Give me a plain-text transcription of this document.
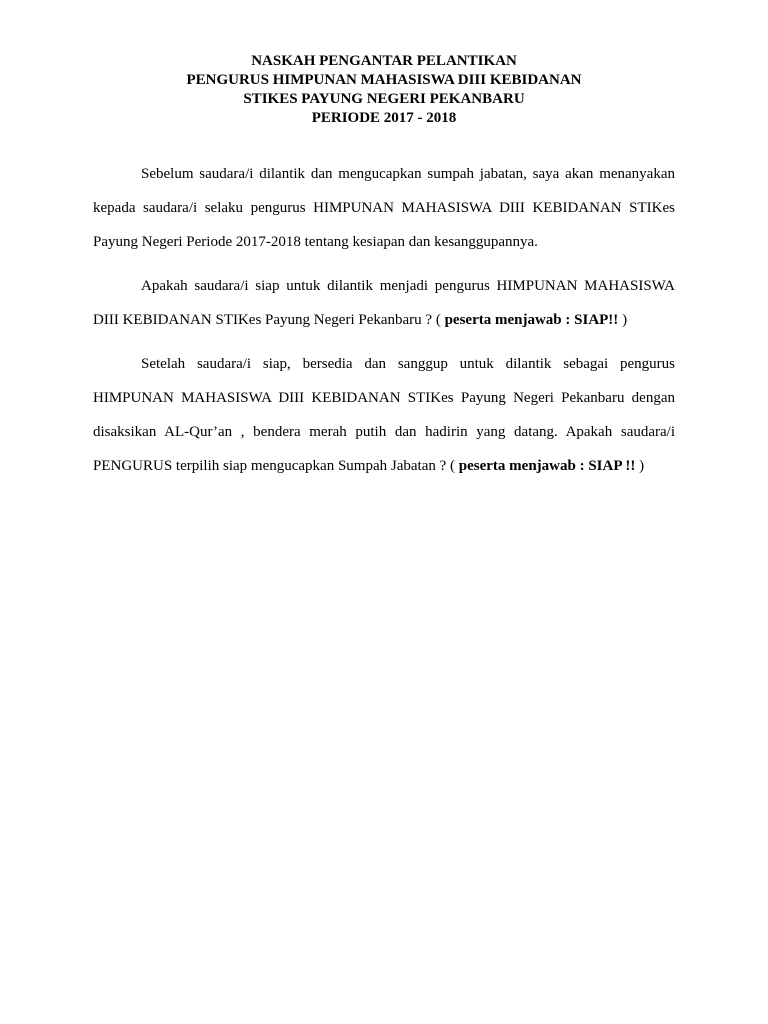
NASKAH PENGANTAR PELANTIKAN
PENGURUS HIMPUNAN MAHASISWA DIII KEBIDANAN
STIKES PAYUNG NEGERI PEKANBARU
PERIODE 2017 - 2018

Sebelum saudara/i dilantik dan mengucapkan sumpah jabatan, saya akan menanyakan kepada saudara/i selaku pengurus HIMPUNAN MAHASISWA DIII KEBIDANAN STIKes Payung Negeri Periode 2017-2018 tentang kesiapan dan kesanggupannya.

Apakah saudara/i siap untuk dilantik menjadi pengurus HIMPUNAN MAHASISWA DIII KEBIDANAN STIKes Payung Negeri Pekanbaru ? ( peserta menjawab : SIAP!! )

Setelah saudara/i siap, bersedia dan sanggup untuk dilantik sebagai pengurus HIMPUNAN MAHASISWA DIII KEBIDANAN STIKes Payung Negeri Pekanbaru dengan disaksikan AL-Qur’an , bendera merah putih dan hadirin yang datang. Apakah saudara/i PENGURUS terpilih siap mengucapkan Sumpah Jabatan ? ( peserta menjawab : SIAP !! )
